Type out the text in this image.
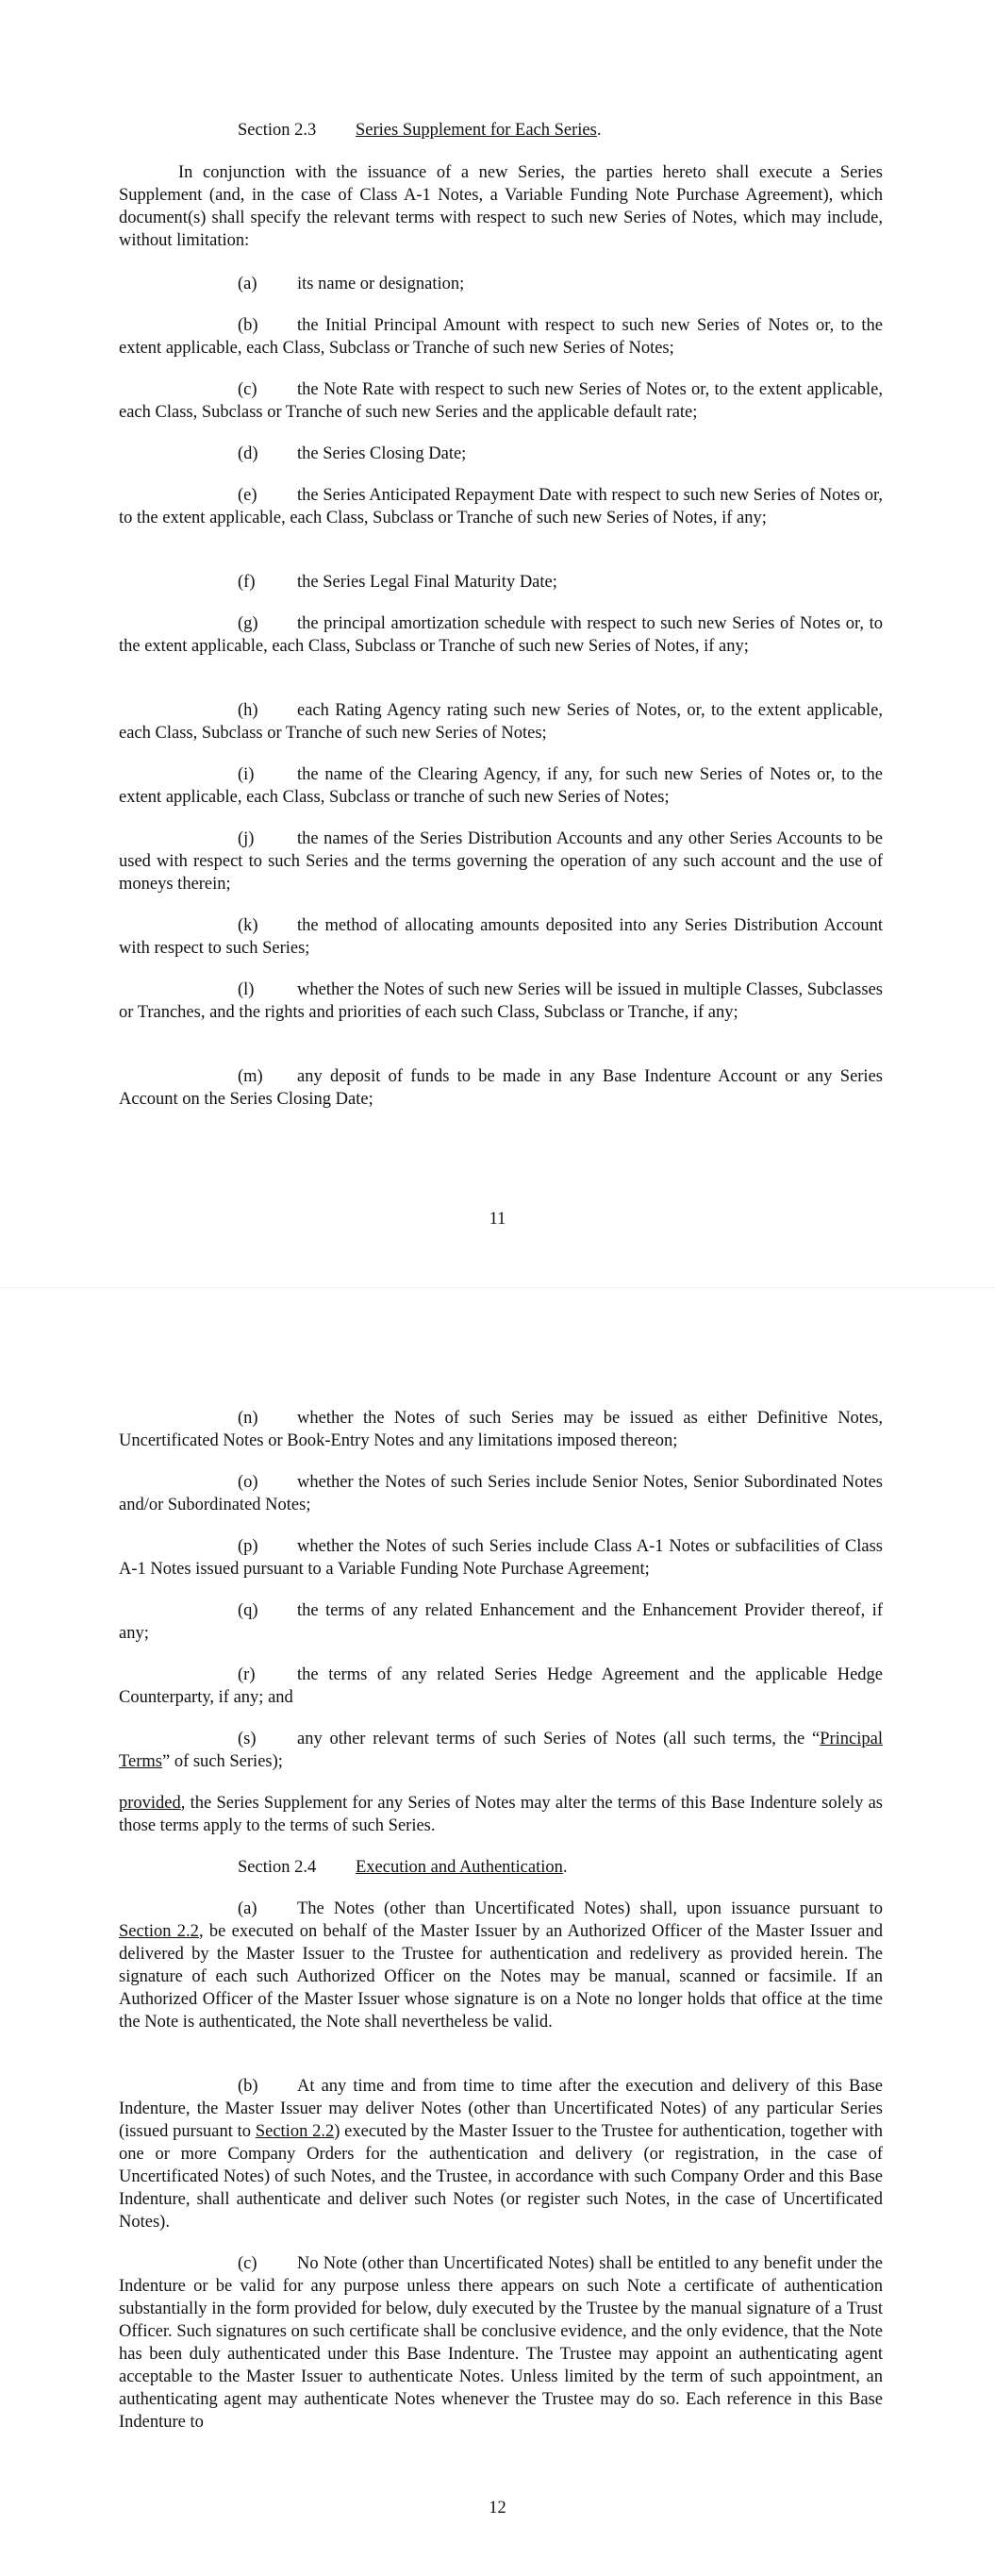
Section 2.3 Series Supplement for Each Series.

In conjunction with the issuance of a new Series, the parties hereto shall execute a Series Supplement (and, in the case of Class A-1 Notes, a Variable Funding Note Purchase Agreement), which document(s) shall specify the relevant terms with respect to such new Series of Notes, which may include, without limitation:

(a) its name or designation;

(b) the Initial Principal Amount with respect to such new Series of Notes or, to the extent applicable, each Class, Subclass or Tranche of such new Series of Notes;

(c) the Note Rate with respect to such new Series of Notes or, to the extent applicable, each Class, Subclass or Tranche of such new Series and the applicable default rate;

(d) the Series Closing Date;

(e) the Series Anticipated Repayment Date with respect to such new Series of Notes or, to the extent applicable, each Class, Subclass or Tranche of such new Series of Notes, if any;

(f) the Series Legal Final Maturity Date;

(g) the principal amortization schedule with respect to such new Series of Notes or, to the extent applicable, each Class, Subclass or Tranche of such new Series of Notes, if any;

(h) each Rating Agency rating such new Series of Notes, or, to the extent applicable, each Class, Subclass or Tranche of such new Series of Notes;

(i) the name of the Clearing Agency, if any, for such new Series of Notes or, to the extent applicable, each Class, Subclass or tranche of such new Series of Notes;

(j) the names of the Series Distribution Accounts and any other Series Accounts to be used with respect to such Series and the terms governing the operation of any such account and the use of moneys therein;

(k) the method of allocating amounts deposited into any Series Distribution Account with respect to such Series;

(l) whether the Notes of such new Series will be issued in multiple Classes, Subclasses or Tranches, and the rights and priorities of each such Class, Subclass or Tranche, if any;

(m) any deposit of funds to be made in any Base Indenture Account or any Series Account on the Series Closing Date;

11

(n) whether the Notes of such Series may be issued as either Definitive Notes, Uncertificated Notes or Book-Entry Notes and any limitations imposed thereon;

(o) whether the Notes of such Series include Senior Notes, Senior Subordinated Notes and/or Subordinated Notes;

(p) whether the Notes of such Series include Class A-1 Notes or subfacilities of Class A-1 Notes issued pursuant to a Variable Funding Note Purchase Agreement;

(q) the terms of any related Enhancement and the Enhancement Provider thereof, if any;

(r) the terms of any related Series Hedge Agreement and the applicable Hedge Counterparty, if any; and

(s) any other relevant terms of such Series of Notes (all such terms, the “Principal Terms” of such Series);

provided, the Series Supplement for any Series of Notes may alter the terms of this Base Indenture solely as those terms apply to the terms of such Series.

Section 2.4 Execution and Authentication.

(a) The Notes (other than Uncertificated Notes) shall, upon issuance pursuant to Section 2.2, be executed on behalf of the Master Issuer by an Authorized Officer of the Master Issuer and delivered by the Master Issuer to the Trustee for authentication and redelivery as provided herein. The signature of each such Authorized Officer on the Notes may be manual, scanned or facsimile. If an Authorized Officer of the Master Issuer whose signature is on a Note no longer holds that office at the time the Note is authenticated, the Note shall nevertheless be valid.

(b) At any time and from time to time after the execution and delivery of this Base Indenture, the Master Issuer may deliver Notes (other than Uncertificated Notes) of any particular Series (issued pursuant to Section 2.2) executed by the Master Issuer to the Trustee for authentication, together with one or more Company Orders for the authentication and delivery (or registration, in the case of Uncertificated Notes) of such Notes, and the Trustee, in accordance with such Company Order and this Base Indenture, shall authenticate and deliver such Notes (or register such Notes, in the case of Uncertificated Notes).

(c) No Note (other than Uncertificated Notes) shall be entitled to any benefit under the Indenture or be valid for any purpose unless there appears on such Note a certificate of authentication substantially in the form provided for below, duly executed by the Trustee by the manual signature of a Trust Officer. Such signatures on such certificate shall be conclusive evidence, and the only evidence, that the Note has been duly authenticated under this Base Indenture. The Trustee may appoint an authenticating agent acceptable to the Master Issuer to authenticate Notes. Unless limited by the term of such appointment, an authenticating agent may authenticate Notes whenever the Trustee may do so. Each reference in this Base Indenture to

12
